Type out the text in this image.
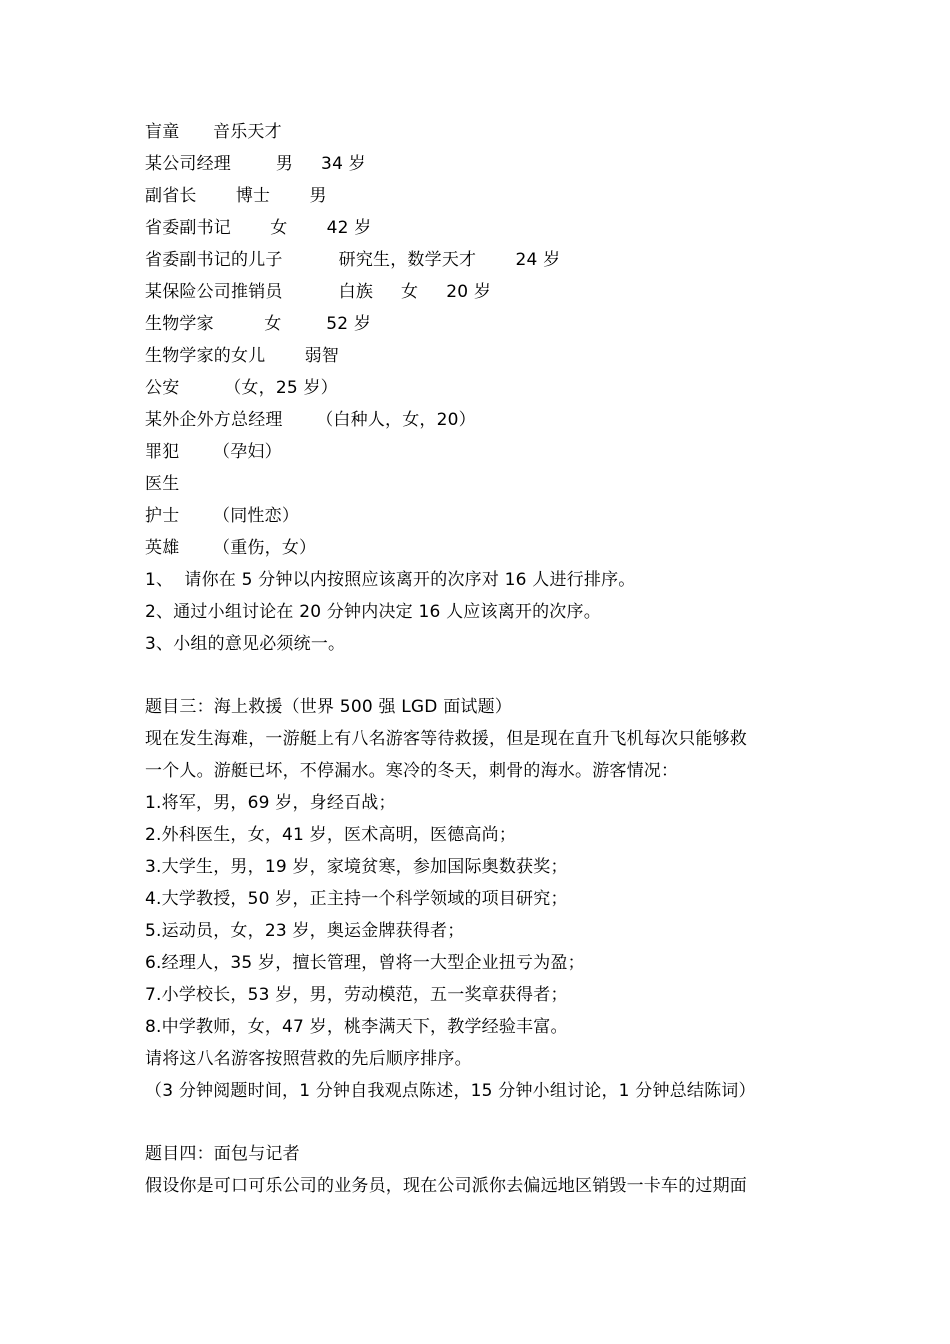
盲童      音乐天才
某公司经理        男     34 岁
副省长       博士       男
省委副书记       女       42 岁
省委副书记的儿子          研究生，数学天才       24 岁
某保险公司推销员          白族     女     20 岁
生物学家         女        52 岁
生物学家的女儿       弱智
公安        （女，25 岁）
某外企外方总经理      （白种人，女，20）
罪犯      （孕妇）
医生
护士      （同性恋）
英雄      （重伤，女）
1、  请你在 5 分钟以内按照应该离开的次序对 16 人进行排序。
2、通过小组讨论在 20 分钟内决定 16 人应该离开的次序。
3、小组的意见必须统一。
题目三：海上救援（世界 500 强 LGD 面试题）
现在发生海难，一游艇上有八名游客等待救援，但是现在直升飞机每次只能够救
一个人。游艇已坏，不停漏水。寒冷的冬天，刺骨的海水。游客情况：
1.将军，男，69 岁，身经百战；
2.外科医生，女，41 岁，医术高明，医德高尚；
3.大学生，男，19 岁，家境贫寒，参加国际奥数获奖；
4.大学教授，50 岁，正主持一个科学领域的项目研究；
5.运动员，女，23 岁，奥运金牌获得者；
6.经理人，35 岁，擅长管理，曾将一大型企业扭亏为盈；
7.小学校长，53 岁，男，劳动模范，五一奖章获得者；
8.中学教师，女，47 岁，桃李满天下，教学经验丰富。
请将这八名游客按照营救的先后顺序排序。
（3 分钟阅题时间，1 分钟自我观点陈述，15 分钟小组讨论，1 分钟总结陈词）
题目四：面包与记者
假设你是可口可乐公司的业务员，现在公司派你去偏远地区销毁一卡车的过期面
